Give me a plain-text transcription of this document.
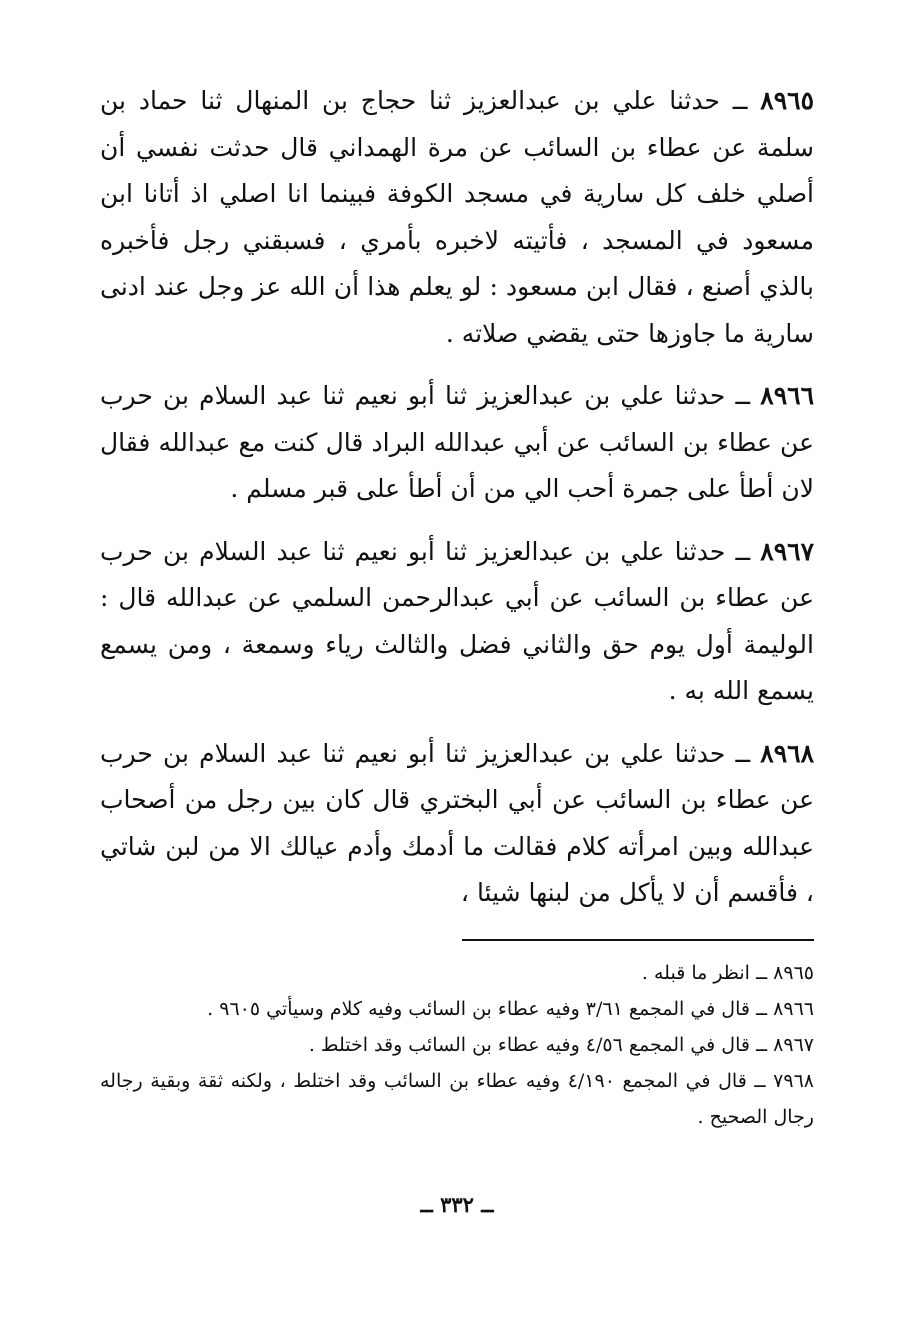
٨٩٦٥ ــ حدثنا علي بن عبدالعزيز ثنا حجاج بن المنهال ثنا حماد بن سلمة عن عطاء بن السائب عن مرة الهمداني قال حدثت نفسي أن أصلي خلف كل سارية في مسجد الكوفة فبينما انا اصلي اذ أتانا ابن مسعود في المسجد ، فأتيته لاخبره بأمري ، فسبقني رجل فأخبره بالذي أصنع ، فقال ابن مسعود : لو يعلم هذا أن الله عز وجل عند ادنى سارية ما جاوزها حتى يقضي صلاته .

٨٩٦٦ ــ حدثنا علي بن عبدالعزيز ثنا أبو نعيم ثنا عبد السلام بن حرب عن عطاء بن السائب عن أبي عبدالله البراد قال كنت مع عبدالله فقال لان أطأ على جمرة أحب الي من أن أطأ على قبر مسلم .

٨٩٦٧ ــ حدثنا علي بن عبدالعزيز ثنا أبو نعيم ثنا عبد السلام بن حرب عن عطاء بن السائب عن أبي عبدالرحمن السلمي عن عبدالله قال : الوليمة أول يوم حق والثاني فضل والثالث رياء وسمعة ، ومن يسمع يسمع الله به .

٨٩٦٨ ــ حدثنا علي بن عبدالعزيز ثنا أبو نعيم ثنا عبد السلام بن حرب عن عطاء بن السائب عن أبي البختري قال كان بين رجل من أصحاب عبدالله وبين امرأته كلام فقالت ما أدمك وأدم عيالك الا من لبن شاتي ، فأقسم أن لا يأكل من لبنها شيئا ،

٨٩٦٥ ــ انظر ما قبله .

٨٩٦٦ ــ قال في المجمع ٣/٦١ وفيه عطاء بن السائب وفيه كلام وسيأتي ٩٦٠٥ .

٨٩٦٧ ــ قال في المجمع ٤/٥٦ وفيه عطاء بن السائب وقد اختلط .

٧٩٦٨ ــ قال في المجمع ٤/١٩٠ وفيه عطاء بن السائب وقد اختلط ، ولكنه ثقة وبقية رجاله رجال الصحيح .

ــ ٣٣٢ ــ
